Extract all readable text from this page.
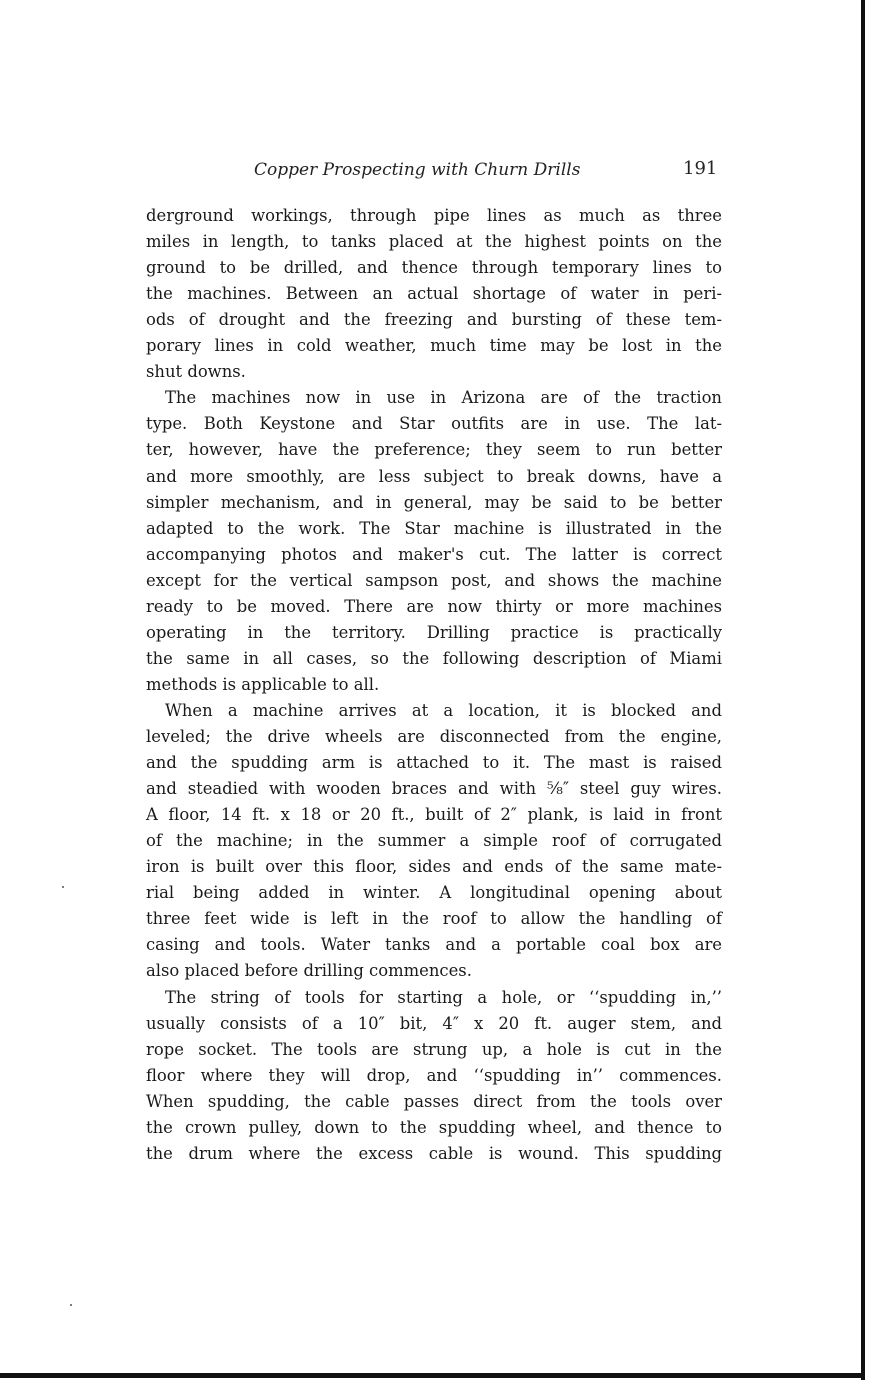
Copper Prospecting with Churn Drills	191
derground workings, through pipe lines as much as three
miles in length, to tanks placed at the highest points on the
ground to be drilled, and thence through temporary lines to
the machines. Between an actual shortage of water in peri-
ods of drought and the freezing and bursting of these tem-
porary lines in cold weather, much time may be lost in the
shut downs.
The machines now in use in Arizona are of the traction
type. Both Keystone and Star outfits are in use. The lat-
ter, however, have the preference; they seem to run better
and more smoothly, are less subject to break downs, have a
simpler mechanism, and in general, may be said to be better
adapted to the work. The Star machine is illustrated in the
accompanying photos and maker's cut. The latter is correct
except for the vertical sampson post, and shows the machine
ready to be moved. There are now thirty or more machines
operating in the territory. Drilling practice is practically
the same in all cases, so the following description of Miami
methods is applicable to all.
When a machine arrives at a location, it is blocked and
leveled; the drive wheels are disconnected from the engine,
and the spudding arm is attached to it. The mast is raised
and steadied with wooden braces and with ⅝″ steel guy wires.
A floor, 14 ft. x 18 or 20 ft., built of 2″ plank, is laid in front
of the machine; in the summer a simple roof of corrugated
iron is built over this floor, sides and ends of the same mate-
rial being added in winter. A longitudinal opening about
three feet wide is left in the roof to allow the handling of
casing and tools. Water tanks and a portable coal box are
also placed before drilling commences.
The string of tools for starting a hole, or ‘‘spudding in,’’
usually consists of a 10″ bit, 4″ x 20 ft. auger stem, and
rope socket. The tools are strung up, a hole is cut in the
floor where they will drop, and ‘‘spudding in’’ commences.
When spudding, the cable passes direct from the tools over
the crown pulley, down to the spudding wheel, and thence to
the drum where the excess cable is wound. This spudding
